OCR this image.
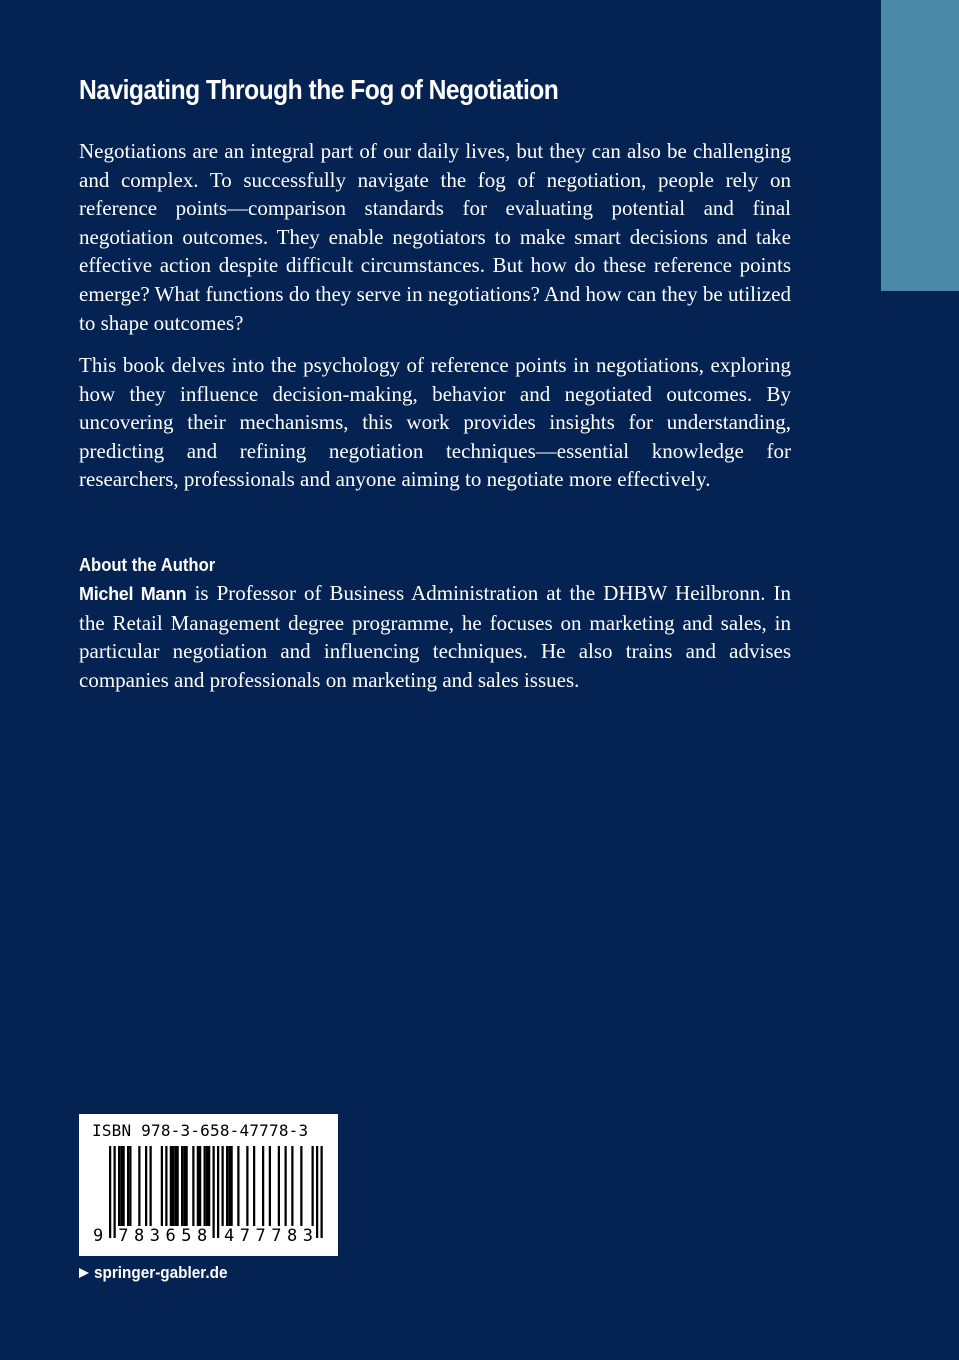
Navigating Through the Fog of Negotiation

Negotiations are an integral part of our daily lives, but they can also be challenging and complex. To successfully navigate the fog of negotiation, people rely on reference points—comparison standards for evaluating potential and final negotiation outcomes. They enable negotiators to make smart decisions and take effective action despite difficult circumstances. But how do these reference points emerge? What functions do they serve in negotiations? And how can they be utilized to shape outcomes?

This book delves into the psychology of reference points in negotiations, exploring how they influence decision-making, behavior and negotiated outcomes. By uncovering their mechanisms, this work provides insights for understanding, predicting and refining negotiation techniques—essential knowledge for researchers, professionals and anyone aiming to negotiate more effectively.

About the Author

Michel Mann is Professor of Business Administration at the DHBW Heilbronn. In the Retail Management degree programme, he focuses on marketing and sales, in particular negotiation and influencing techniques. He also trains and advises companies and professionals on marketing and sales issues.

ISBN 978-3-658-47778-3
9 7 8 3 6 5 8 4 7 7 7 8 3
springer-gabler.de
